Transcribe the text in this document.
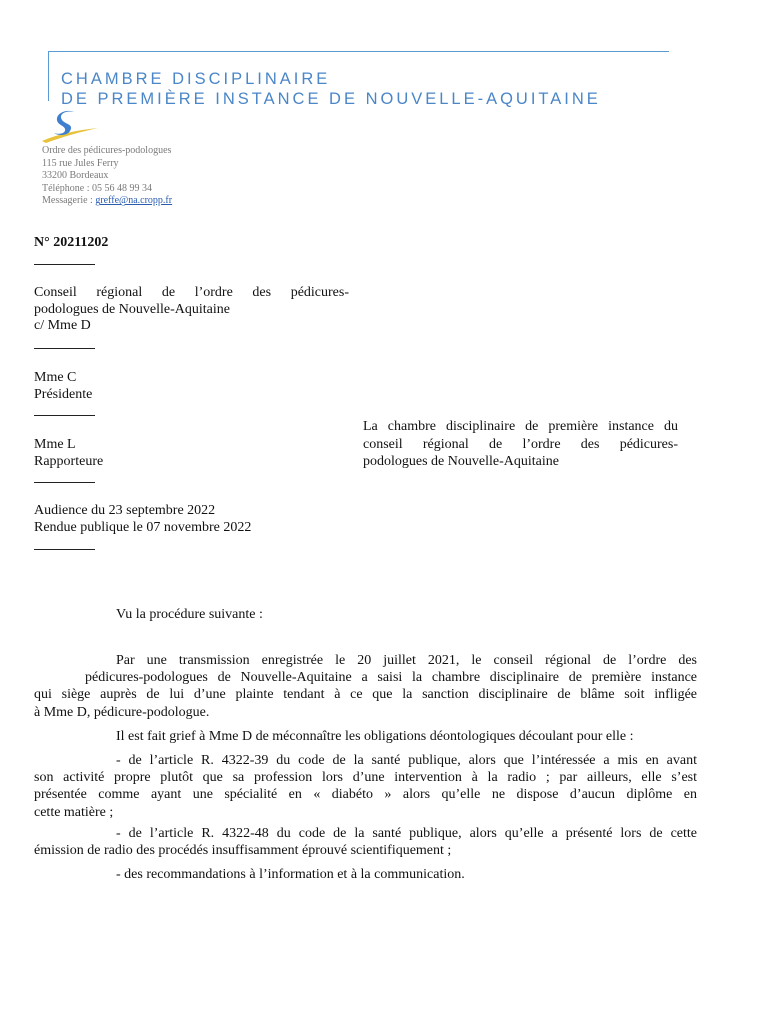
CHAMBRE DISCIPLINAIRE
DE PREMIÈRE INSTANCE DE NOUVELLE-AQUITAINE
Ordre des pédicures-podologues
115 rue Jules Ferry
33200 Bordeaux
Téléphone : 05 56 48 99 34
Messagerie : greffe@na.cropp.fr
N° 20211202
Conseil régional de l’ordre des pédicures-
podologues de Nouvelle-Aquitaine
c/ Mme D
Mme C
Présidente
Mme L
Rapporteure
Audience du 23 septembre 2022
Rendue publique le 07 novembre 2022
La chambre disciplinaire de première instance du
conseil régional de l’ordre des pédicures-
podologues de Nouvelle-Aquitaine
Vu la procédure suivante :
Par une transmission enregistrée le 20 juillet 2021, le conseil régional de l’ordre des
pédicures-podologues de Nouvelle-Aquitaine a saisi la chambre disciplinaire de première instance
qui siège auprès de lui d’une plainte tendant à ce que la sanction disciplinaire de blâme soit infligée
à Mme D, pédicure-podologue.
Il est fait grief à Mme D de méconnaître les obligations déontologiques découlant pour elle :
- de l’article R. 4322-39 du code de la santé publique, alors que l’intéressée a mis en avant
son activité propre plutôt que sa profession lors d’une intervention à la radio ; par ailleurs, elle s’est
présentée comme ayant une spécialité en « diabéto » alors qu’elle ne dispose d’aucun diplôme en
cette matière ;
- de l’article R. 4322-48 du code de la santé publique, alors qu’elle a présenté lors de cette
émission de radio des procédés insuffisamment éprouvé scientifiquement ;
- des recommandations à l’information et à la communication.
